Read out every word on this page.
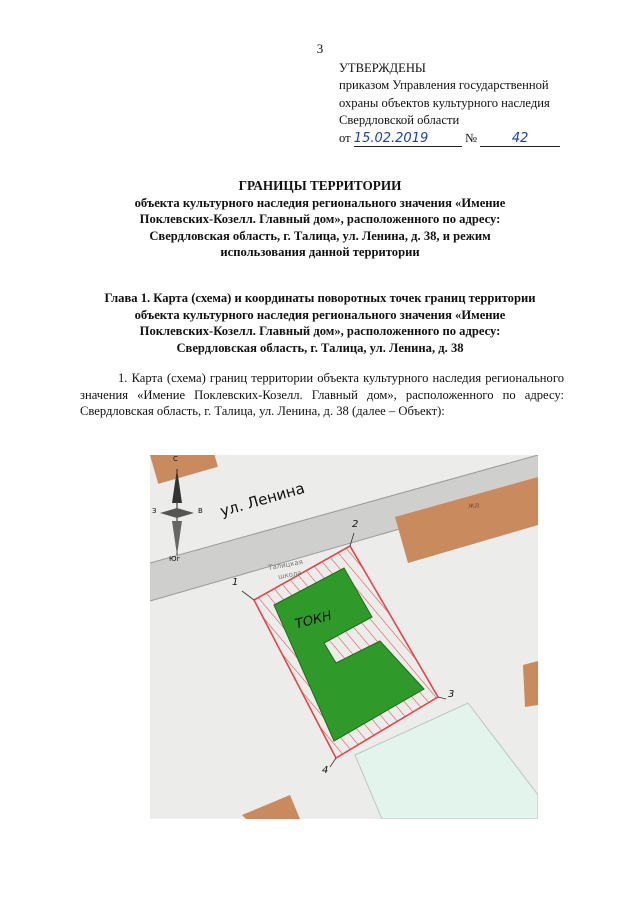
3
УТВЕРЖДЕНЫ
приказом Управления государственной
охраны объектов культурного наследия
Свердловской области
от 15.02.2019	№	42
ГРАНИЦЫ ТЕРРИТОРИИ
объекта культурного наследия регионального значения «Имение
Поклевских-Козелл. Главный дом», расположенного по адресу:
Свердловская область, г. Талица, ул. Ленина, д. 38, и режим
использования данной территории
Глава 1. Карта (схема) и координаты поворотных точек границ территории
объекта культурного наследия регионального значения «Имение
Поклевских-Козелл. Главный дом», расположенного по адресу:
Свердловская область, г. Талица, ул. Ленина, д. 38
1. Карта (схема) границ территории объекта культурного наследия регионального значения «Имение Поклевских-Козелл. Главный дом», расположенного по адресу: Свердловская область, г. Талица, ул. Ленина, д. 38 (далее – Объект):
С
Юг
З	В ул. Ленина	ЖЛ
Талицкая
школа
ТОКН
1
2
3
4
